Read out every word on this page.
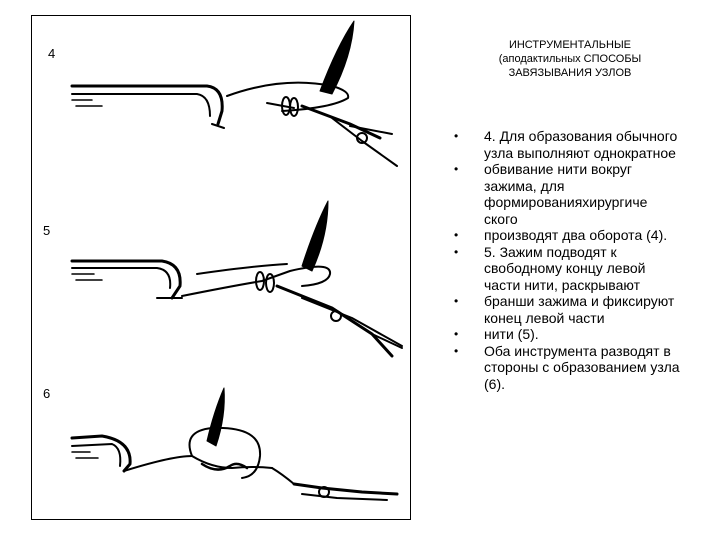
4
5
6
ИНСТРУМЕНТАЛЬНЫЕ
(аподактильных СПОСОБЫ
ЗАВЯЗЫВАНИЯ УЗЛОВ
• 4. Для образования обычного узла выполняют однократное
• обвивание нити вокруг зажима, для формированияхирургиче ского
• производят два оборота (4).
• 5. Зажим подводят к свободному концу левой части нити, раскрывают
• бранши зажима и фиксируют конец левой части
• нити (5).
• Оба инструмента разводят в стороны с образованием узла (6).
